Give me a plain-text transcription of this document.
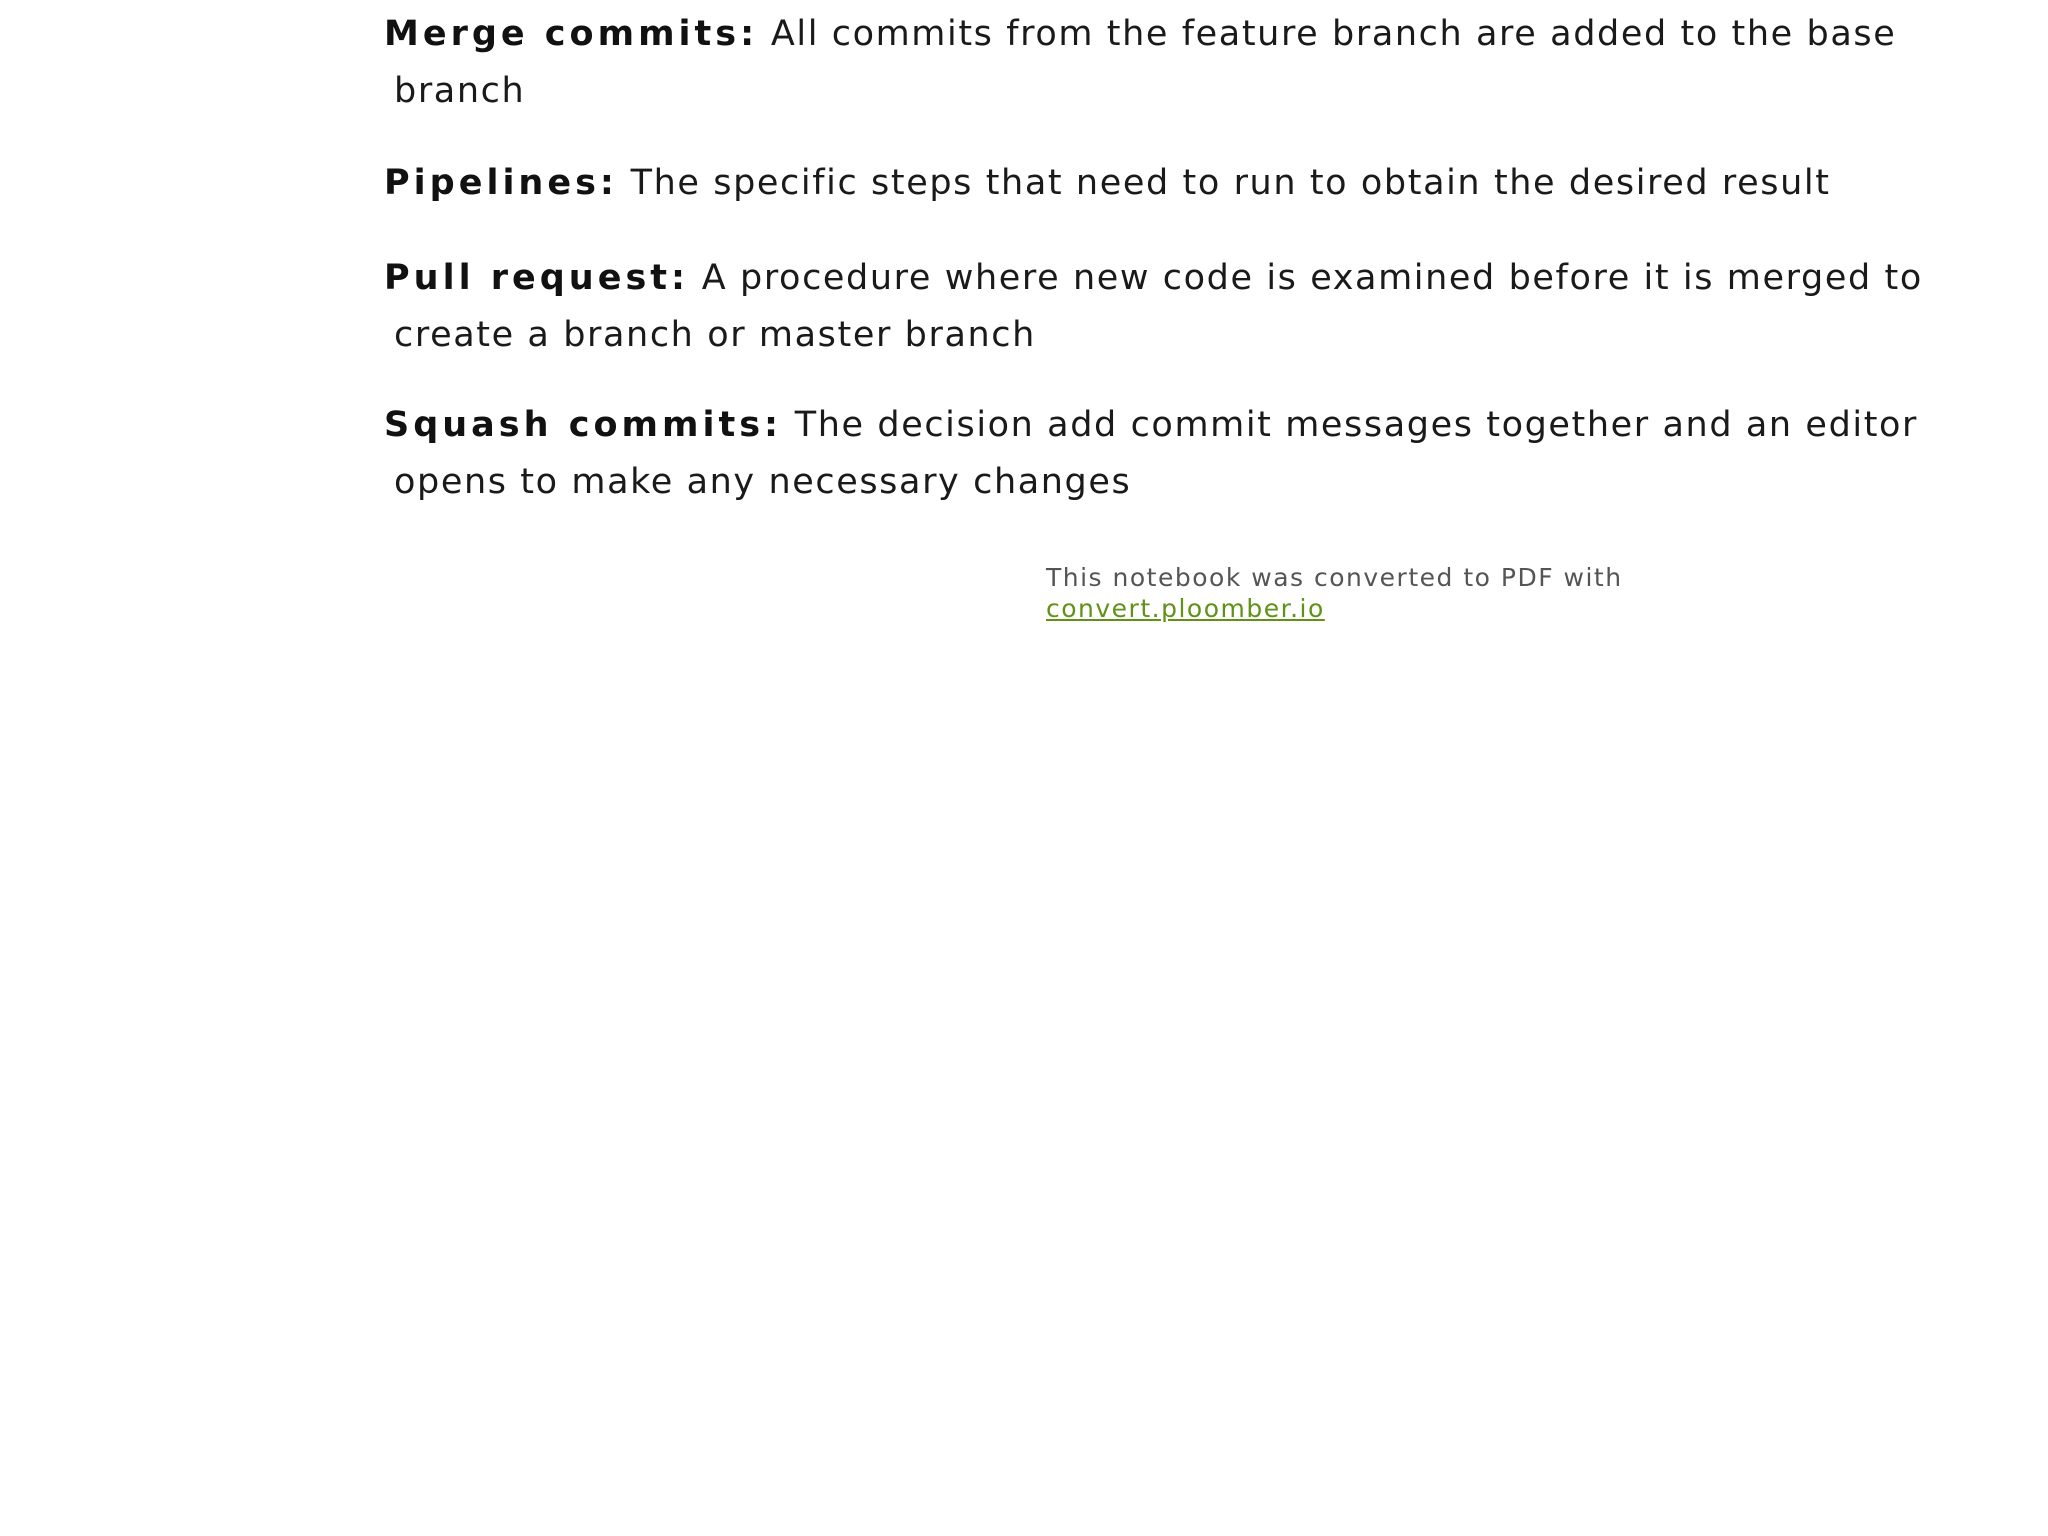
Merge commits: All commits from the feature branch are added to the base
branch

Pipelines: The specific steps that need to run to obtain the desired result

Pull request: A procedure where new code is examined before it is merged to
create a branch or master branch

Squash commits: The decision add commit messages together and an editor
opens to make any necessary changes

This notebook was converted to PDF with
convert.ploomber.io
